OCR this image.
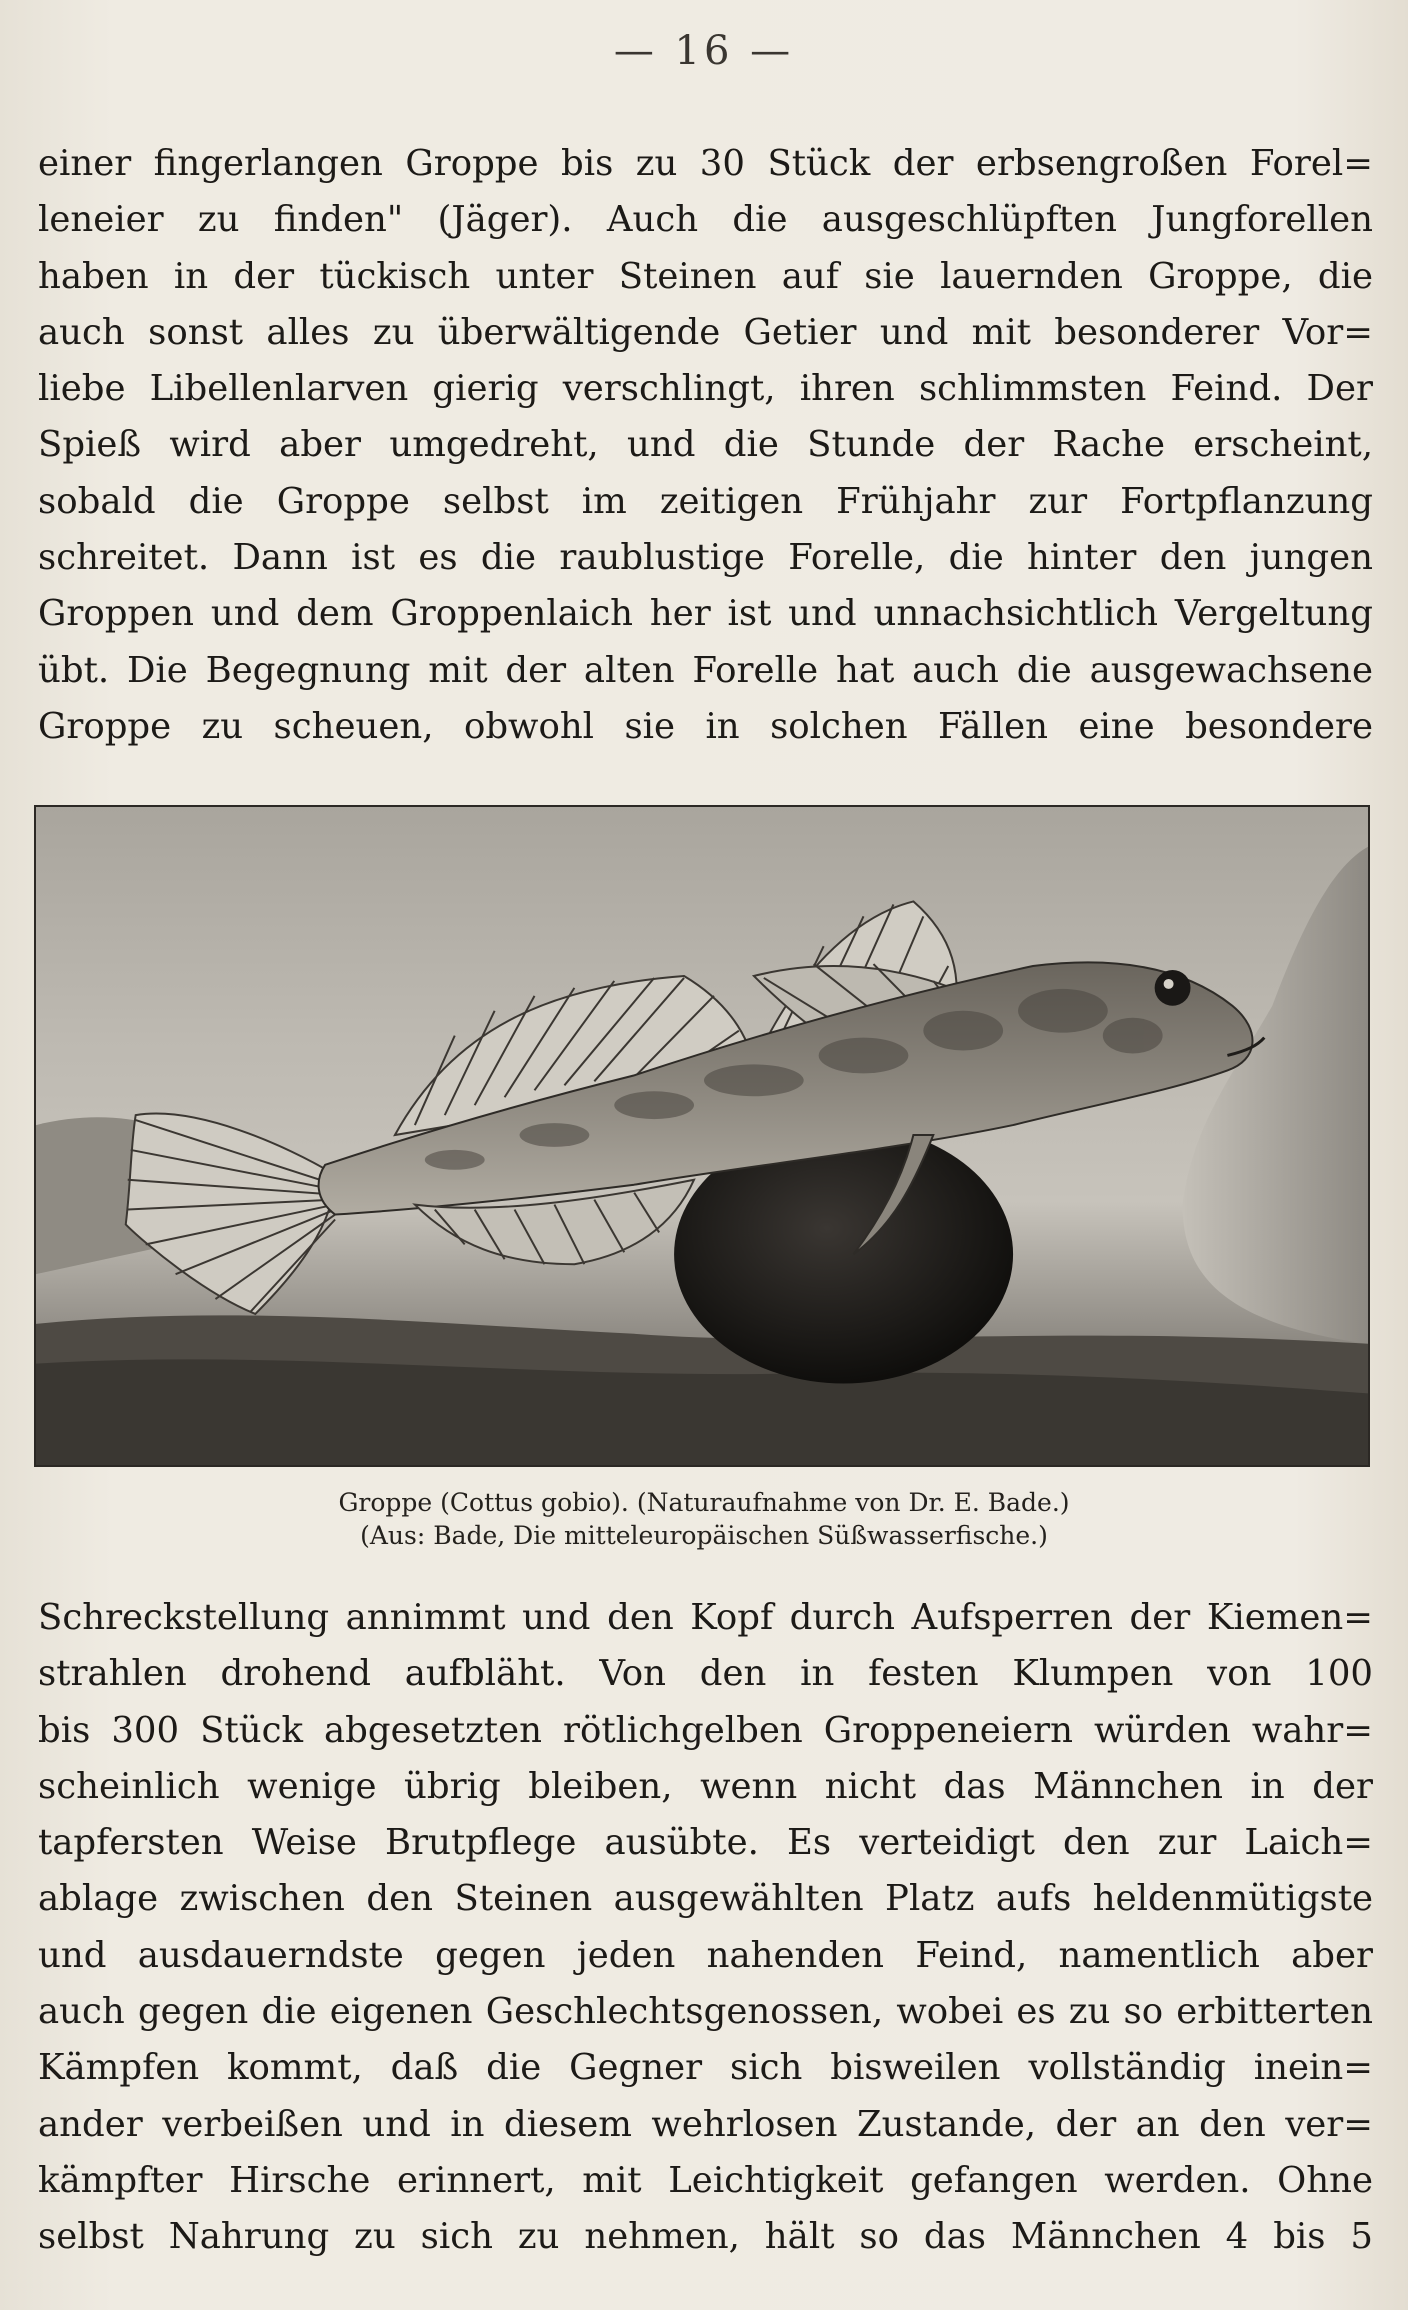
— 16 —
einer fingerlangen Groppe bis zu 30 Stück der erbsengroßen Forel=
leneier zu finden" (Jäger). Auch die ausgeschlüpften Jungforellen
haben in der tückisch unter Steinen auf sie lauernden Groppe, die
auch sonst alles zu überwältigende Getier und mit besonderer Vor=
liebe Libellenlarven gierig verschlingt, ihren schlimmsten Feind. Der
Spieß wird aber umgedreht, und die Stunde der Rache erscheint,
sobald die Groppe selbst im zeitigen Frühjahr zur Fortpflanzung
schreitet. Dann ist es die raublustige Forelle, die hinter den jungen
Groppen und dem Groppenlaich her ist und unnachsichtlich Vergeltung
übt. Die Begegnung mit der alten Forelle hat auch die ausgewachsene
Groppe zu scheuen, obwohl sie in solchen Fällen eine besondere
Groppe (Cottus gobio). (Naturaufnahme von Dr. E. Bade.)
(Aus: Bade, Die mitteleuropäischen Süßwasserfische.)
Schreckstellung annimmt und den Kopf durch Aufsperren der Kiemen=
strahlen drohend aufbläht. Von den in festen Klumpen von 100
bis 300 Stück abgesetzten rötlichgelben Groppeneiern würden wahr=
scheinlich wenige übrig bleiben, wenn nicht das Männchen in der
tapfersten Weise Brutpflege ausübte. Es verteidigt den zur Laich=
ablage zwischen den Steinen ausgewählten Platz aufs heldenmütigste
und ausdauerndste gegen jeden nahenden Feind, namentlich aber
auch gegen die eigenen Geschlechtsgenossen, wobei es zu so erbitterten
Kämpfen kommt, daß die Gegner sich bisweilen vollständig inein=
ander verbeißen und in diesem wehrlosen Zustande, der an den ver=
kämpfter Hirsche erinnert, mit Leichtigkeit gefangen werden. Ohne
selbst Nahrung zu sich zu nehmen, hält so das Männchen 4 bis 5
